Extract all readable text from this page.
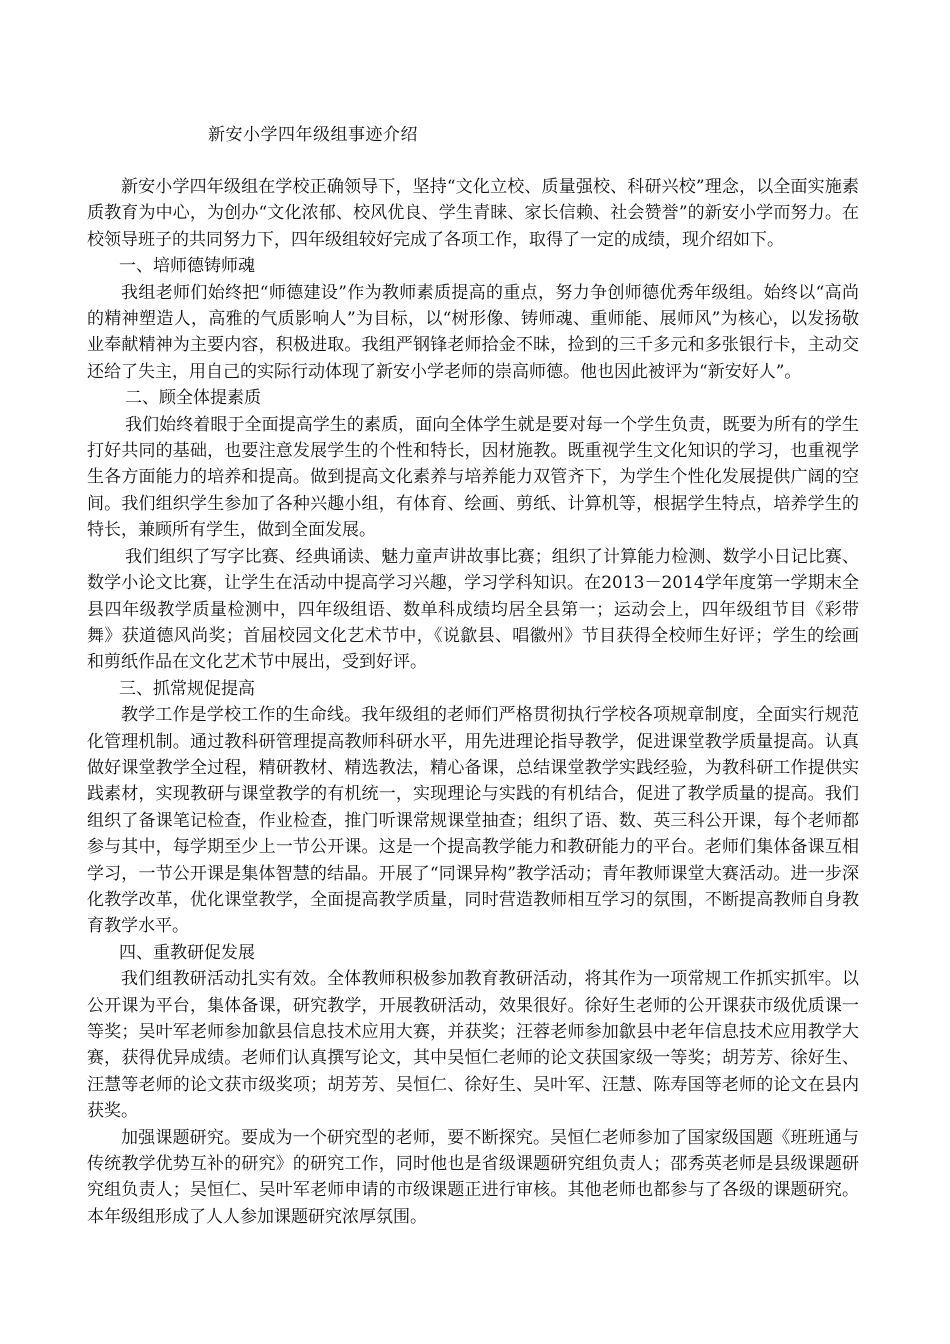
新安小学四年级组事迹介绍

新安小学四年级组在学校正确领导下，坚持“文化立校、质量强校、科研兴校”理念，以全面实施素质教育为中心，为创办“文化浓郁、校风优良、学生青睐、家长信赖、社会赞誉”的新安小学而努力。在校领导班子的共同努力下，四年级组较好完成了各项工作，取得了一定的成绩，现介绍如下。

一、培师德铸师魂

我组老师们始终把“师德建设”作为教师素质提高的重点，努力争创师德优秀年级组。始终以“高尚的精神塑造人，高雅的气质影响人”为目标，以“树形像、铸师魂、重师能、展师风”为核心，以发扬敬业奉献精神为主要内容，积极进取。我组严钢锋老师拾金不昧，捡到的三千多元和多张银行卡，主动交还给了失主，用自己的实际行动体现了新安小学老师的崇高师德。他也因此被评为“新安好人”。

二、顾全体提素质

我们始终着眼于全面提高学生的素质，面向全体学生就是要对每一个学生负责，既要为所有的学生打好共同的基础，也要注意发展学生的个性和特长，因材施教。既重视学生文化知识的学习，也重视学生各方面能力的培养和提高。做到提高文化素养与培养能力双管齐下，为学生个性化发展提供广阔的空间。我们组织学生参加了各种兴趣小组，有体育、绘画、剪纸、计算机等，根据学生特点，培养学生的特长，兼顾所有学生，做到全面发展。

我们组织了写字比赛、经典诵读、魅力童声讲故事比赛；组织了计算能力检测、数学小日记比赛、数学小论文比赛，让学生在活动中提高学习兴趣，学习学科知识。在2013－2014学年度第一学期末全县四年级教学质量检测中，四年级组语、数单科成绩均居全县第一；运动会上，四年级组节目《彩带舞》获道德风尚奖；首届校园文化艺术节中，《说歙县、唱徽州》节目获得全校师生好评；学生的绘画和剪纸作品在文化艺术节中展出，受到好评。

三、抓常规促提高

教学工作是学校工作的生命线。我年级组的老师们严格贯彻执行学校各项规章制度，全面实行规范化管理机制。通过教科研管理提高教师科研水平，用先进理论指导教学，促进课堂教学质量提高。认真做好课堂教学全过程，精研教材、精选教法，精心备课，总结课堂教学实践经验，为教科研工作提供实践素材，实现教研与课堂教学的有机统一，实现理论与实践的有机结合，促进了教学质量的提高。我们组织了备课笔记检查，作业检查，推门听课常规课堂抽查；组织了语、数、英三科公开课，每个老师都参与其中，每学期至少上一节公开课。这是一个提高教学能力和教研能力的平台。老师们集体备课互相学习，一节公开课是集体智慧的结晶。开展了“同课异构”教学活动；青年教师课堂大赛活动。进一步深化教学改革，优化课堂教学，全面提高教学质量，同时营造教师相互学习的氛围，不断提高教师自身教育教学水平。

四、重教研促发展

我们组教研活动扎实有效。全体教师积极参加教育教研活动，将其作为一项常规工作抓实抓牢。以公开课为平台，集体备课，研究教学，开展教研活动，效果很好。徐好生老师的公开课获市级优质课一等奖；吴叶军老师参加歙县信息技术应用大赛，并获奖；汪蓉老师参加歙县中老年信息技术应用教学大赛，获得优异成绩。老师们认真撰写论文，其中吴恒仁老师的论文获国家级一等奖；胡芳芳、徐好生、汪慧等老师的论文获市级奖项；胡芳芳、吴恒仁、徐好生、吴叶军、汪慧、陈寿国等老师的论文在县内获奖。

加强课题研究。要成为一个研究型的老师，要不断探究。吴恒仁老师参加了国家级国题《班班通与传统教学优势互补的研究》的研究工作，同时他也是省级课题研究组负责人；邵秀英老师是县级课题研究组负责人；吴恒仁、吴叶军老师申请的市级课题正进行审核。其他老师也都参与了各级的课题研究。本年级组形成了人人参加课题研究浓厚氛围。
